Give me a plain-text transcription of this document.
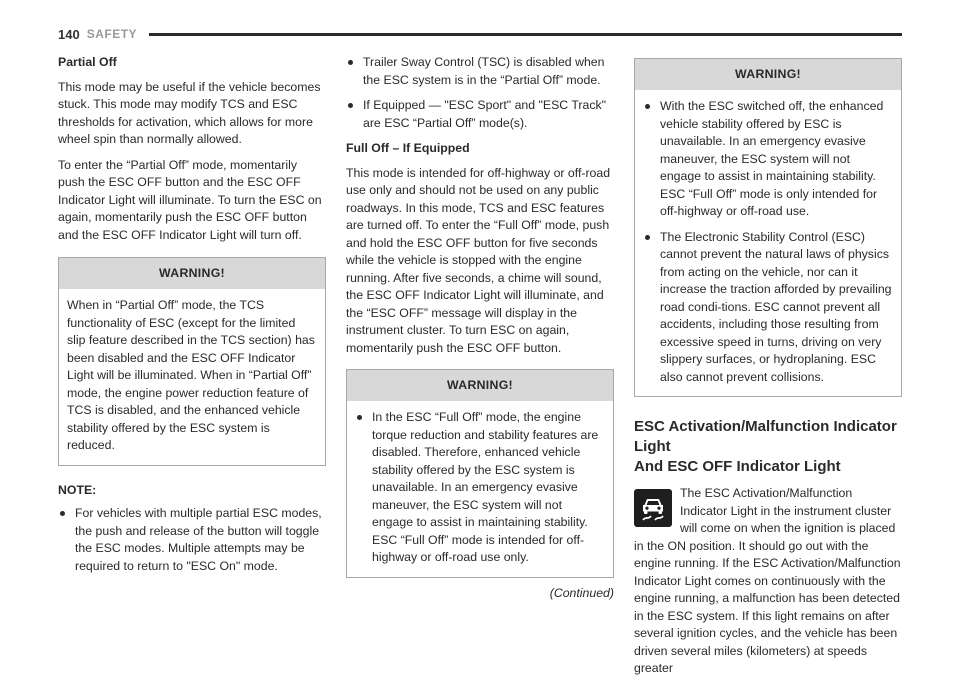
140 SAFETY
Partial Off

This mode may be useful if the vehicle becomes stuck. This mode may modify TCS and ESC thresholds for activation, which allows for more wheel spin than normally allowed.

To enter the “Partial Off” mode, momentarily push the ESC OFF button and the ESC OFF Indicator Light will illuminate. To turn the ESC on again, momentarily push the ESC OFF button and the ESC OFF Indicator Light will turn off.

WARNING!
When in “Partial Off” mode, the TCS functionality of ESC (except for the limited slip feature described in the TCS section) has been disabled and the ESC OFF Indicator Light will be illuminated. When in “Partial Off” mode, the engine power reduction feature of TCS is disabled, and the enhanced vehicle stability offered by the ESC system is reduced.
NOTE:
For vehicles with multiple partial ESC modes, the push and release of the button will toggle the ESC modes. Multiple attempts may be required to return to "ESC On" mode.
Trailer Sway Control (TSC) is disabled when the ESC system is in the “Partial Off” mode.
If Equipped — "ESC Sport" and "ESC Track" are ESC “Partial Off” mode(s).
Full Off – If Equipped

This mode is intended for off-highway or off-road use only and should not be used on any public roadways. In this mode, TCS and ESC features are turned off. To enter the “Full Off” mode, push and hold the ESC OFF button for five seconds while the vehicle is stopped with the engine running. After five seconds, a chime will sound, the ESC OFF Indicator Light will illuminate, and the “ESC OFF” message will display in the instrument cluster. To turn ESC on again, momentarily push the ESC OFF button.

WARNING!
In the ESC “Full Off” mode, the engine torque reduction and stability features are disabled. Therefore, enhanced vehicle stability offered by the ESC system is unavailable. In an emergency evasive maneuver, the ESC system will not engage to assist in maintaining stability. ESC “Full Off” mode is intended for off-highway or off-road use only.
(Continued)
WARNING!
With the ESC switched off, the enhanced vehicle stability offered by ESC is unavailable. In an emergency evasive maneuver, the ESC system will not engage to assist in maintaining stability. ESC “Full Off” mode is only intended for off-highway or off-road use.
The Electronic Stability Control (ESC) cannot prevent the natural laws of physics from acting on the vehicle, nor can it increase the traction afforded by prevailing road condi-tions. ESC cannot prevent all accidents, including those resulting from excessive speed in turns, driving on very slippery surfaces, or hydroplaning. ESC also cannot prevent collisions.
ESC Activation/Malfunction Indicator Light
And ESC OFF Indicator Light

The ESC Activation/Malfunction Indicator Light in the instrument cluster will come on when the ignition is placed in the ON position. It should go out with the engine running. If the ESC Activation/Malfunction Indicator Light comes on continuously with the engine running, a malfunction has been detected in the ESC system. If this light remains on after several ignition cycles, and the vehicle has been driven several miles (kilometers) at speeds greater
